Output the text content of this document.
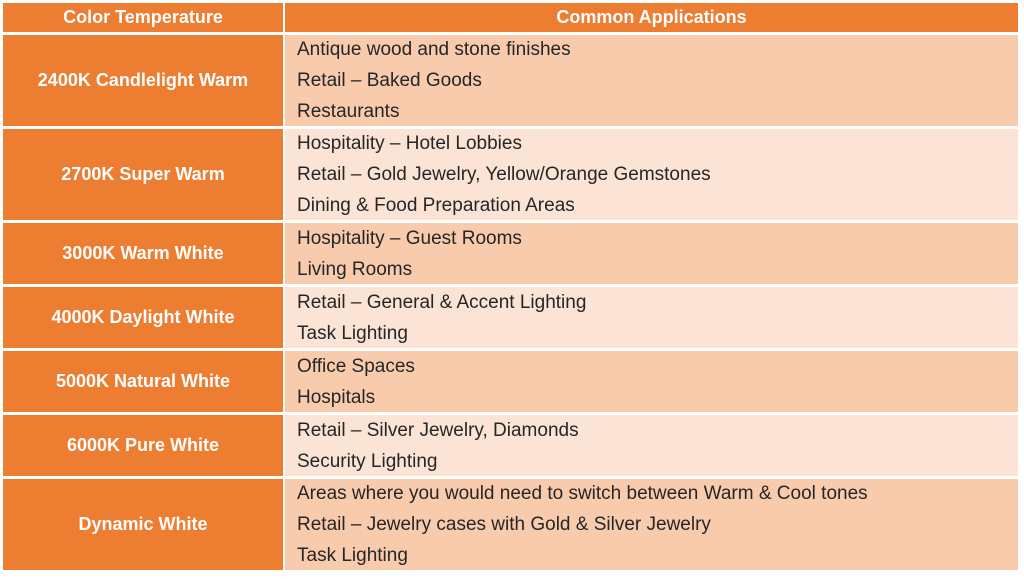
Color Temperature	Common Applications
2400K Candlelight Warm
Antique wood and stone finishes
Retail – Baked Goods
Restaurants
2700K Super Warm
Hospitality – Hotel Lobbies
Retail – Gold Jewelry, Yellow/Orange Gemstones
Dining & Food Preparation Areas
3000K Warm White
Hospitality – Guest Rooms
Living Rooms
4000K Daylight White
Retail – General & Accent Lighting
Task Lighting
5000K Natural White
Office Spaces
Hospitals
6000K Pure White
Retail – Silver Jewelry, Diamonds
Security Lighting
Dynamic White
Areas where you would need to switch between Warm & Cool tones
Retail – Jewelry cases with Gold & Silver Jewelry
Task Lighting
